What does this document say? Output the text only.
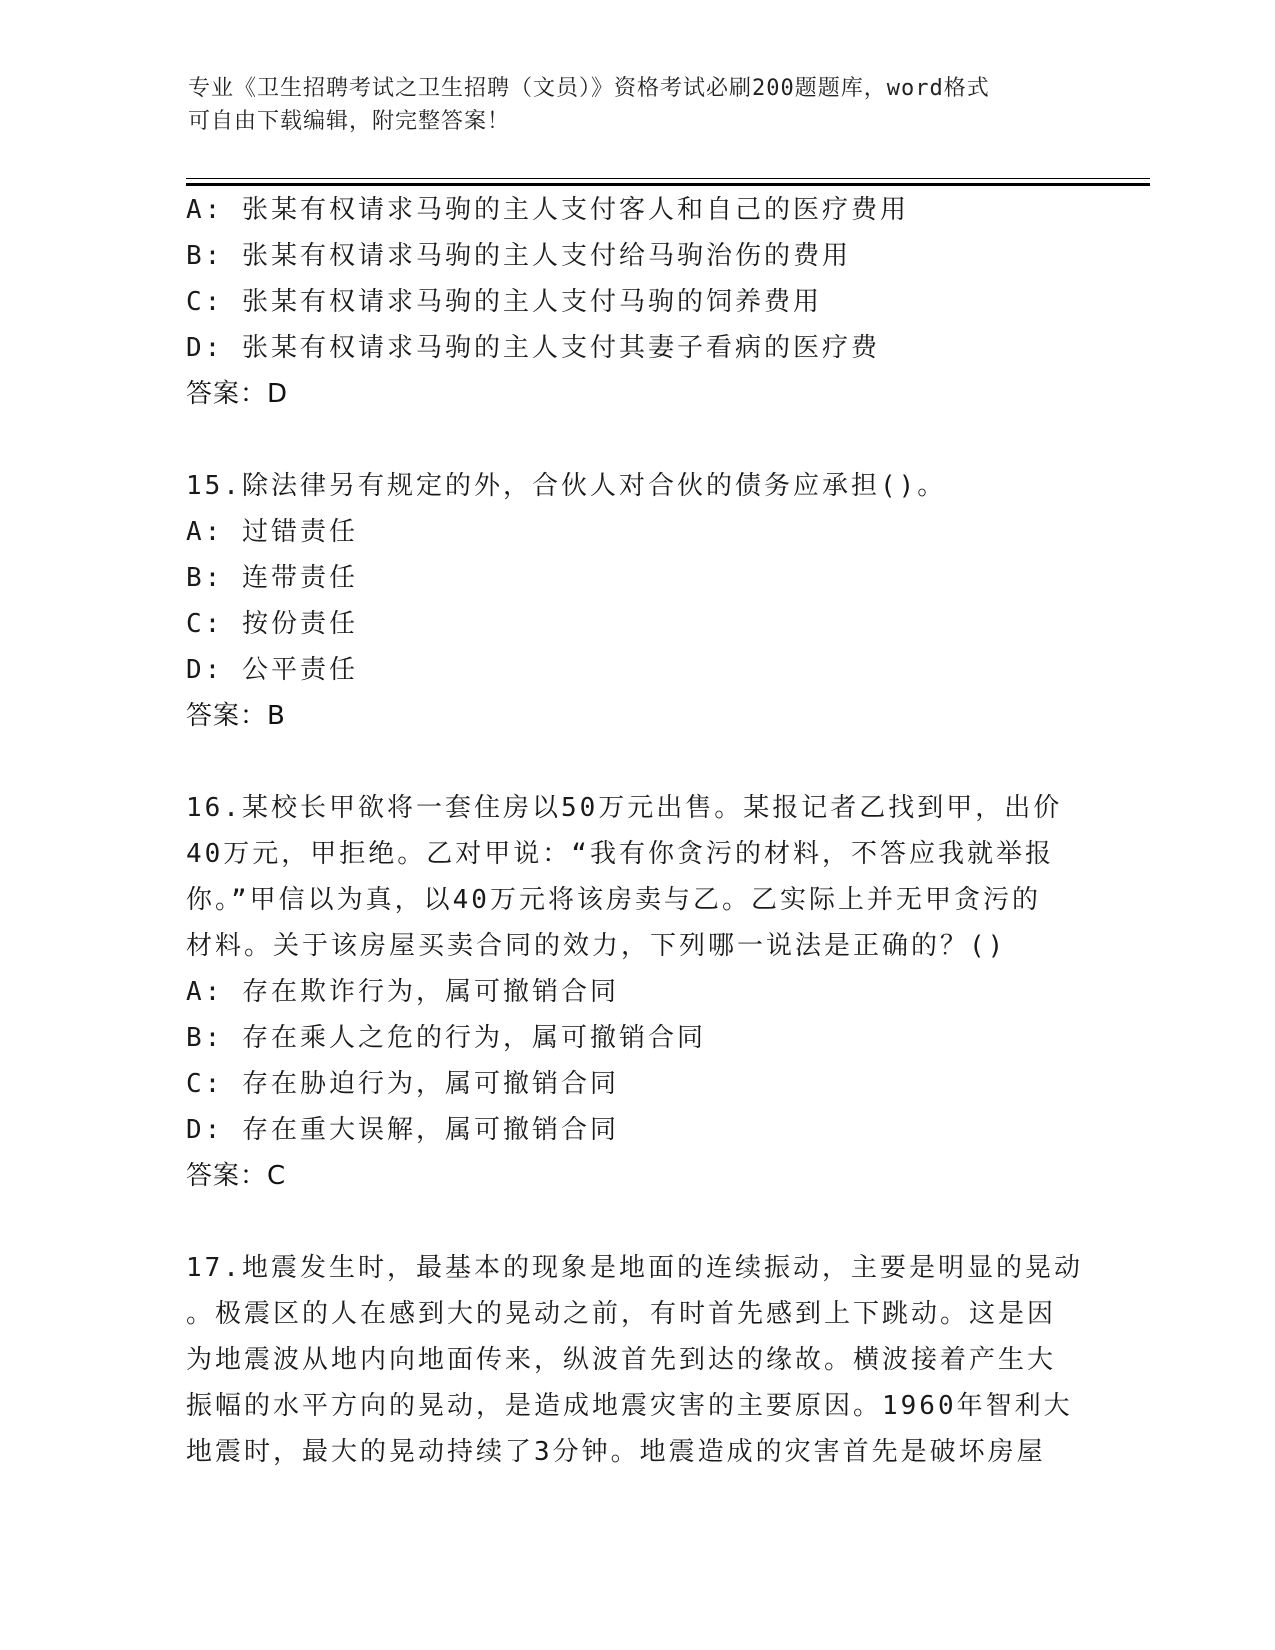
专业《卫生招聘考试之卫生招聘（文员）》资格考试必刷200题题库，word格式
可自由下载编辑，附完整答案！
A: 张某有权请求马驹的主人支付客人和自己的医疗费用
B: 张某有权请求马驹的主人支付给马驹治伤的费用
C: 张某有权请求马驹的主人支付马驹的饲养费用
D: 张某有权请求马驹的主人支付其妻子看病的医疗费
答案：D
15.除法律另有规定的外，合伙人对合伙的债务应承担()。
A: 过错责任
B: 连带责任
C: 按份责任
D: 公平责任
答案：B
16.某校长甲欲将一套住房以50万元出售。某报记者乙找到甲，出价
40万元，甲拒绝。乙对甲说：“我有你贪污的材料，不答应我就举报
你。”甲信以为真，以40万元将该房卖与乙。乙实际上并无甲贪污的
材料。关于该房屋买卖合同的效力，下列哪一说法是正确的？()
A: 存在欺诈行为，属可撤销合同
B: 存在乘人之危的行为，属可撤销合同
C: 存在胁迫行为，属可撤销合同
D: 存在重大误解，属可撤销合同
答案：C
17.地震发生时，最基本的现象是地面的连续振动，主要是明显的晃动
。极震区的人在感到大的晃动之前，有时首先感到上下跳动。这是因
为地震波从地内向地面传来，纵波首先到达的缘故。横波接着产生大
振幅的水平方向的晃动，是造成地震灾害的主要原因。1960年智利大
地震时，最大的晃动持续了3分钟。地震造成的灾害首先是破坏房屋
